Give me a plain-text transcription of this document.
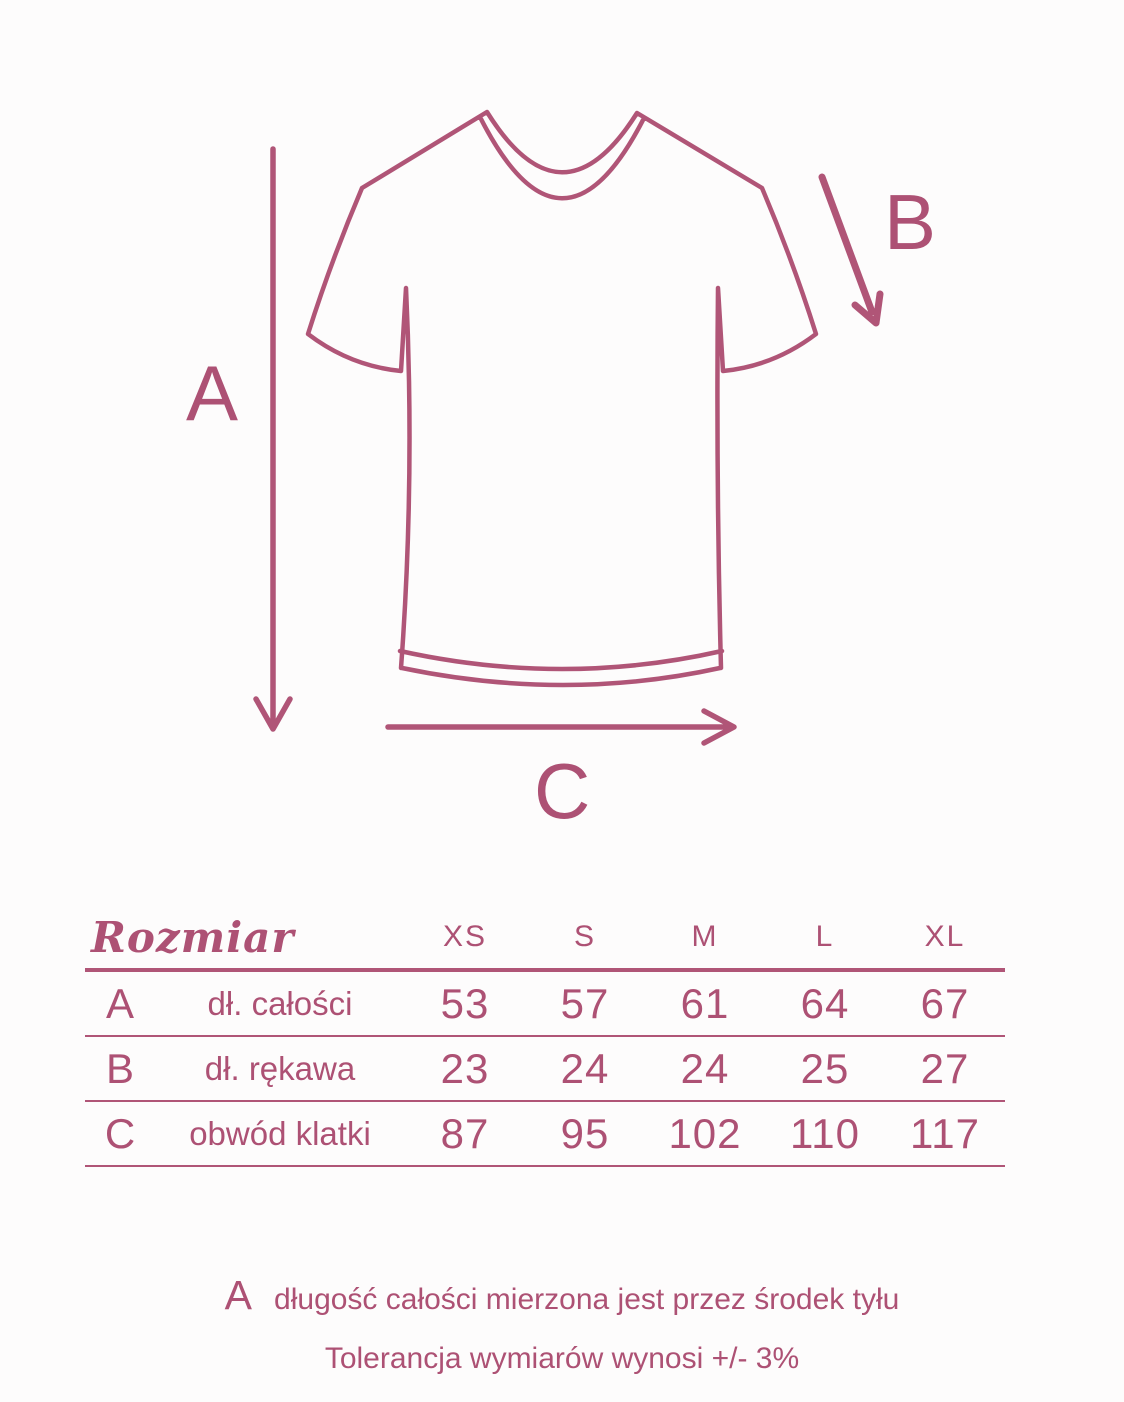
A
B
C
Rozmiar	XS	S	M	L	XL
A	dł. całości	53	57	61	64	67
B	dł. rękawa	23	24	24	25	27
C	obwód klatki	87	95	102	110	117
A długość całości mierzona jest przez środek tyłu
Tolerancja wymiarów wynosi +/- 3%
